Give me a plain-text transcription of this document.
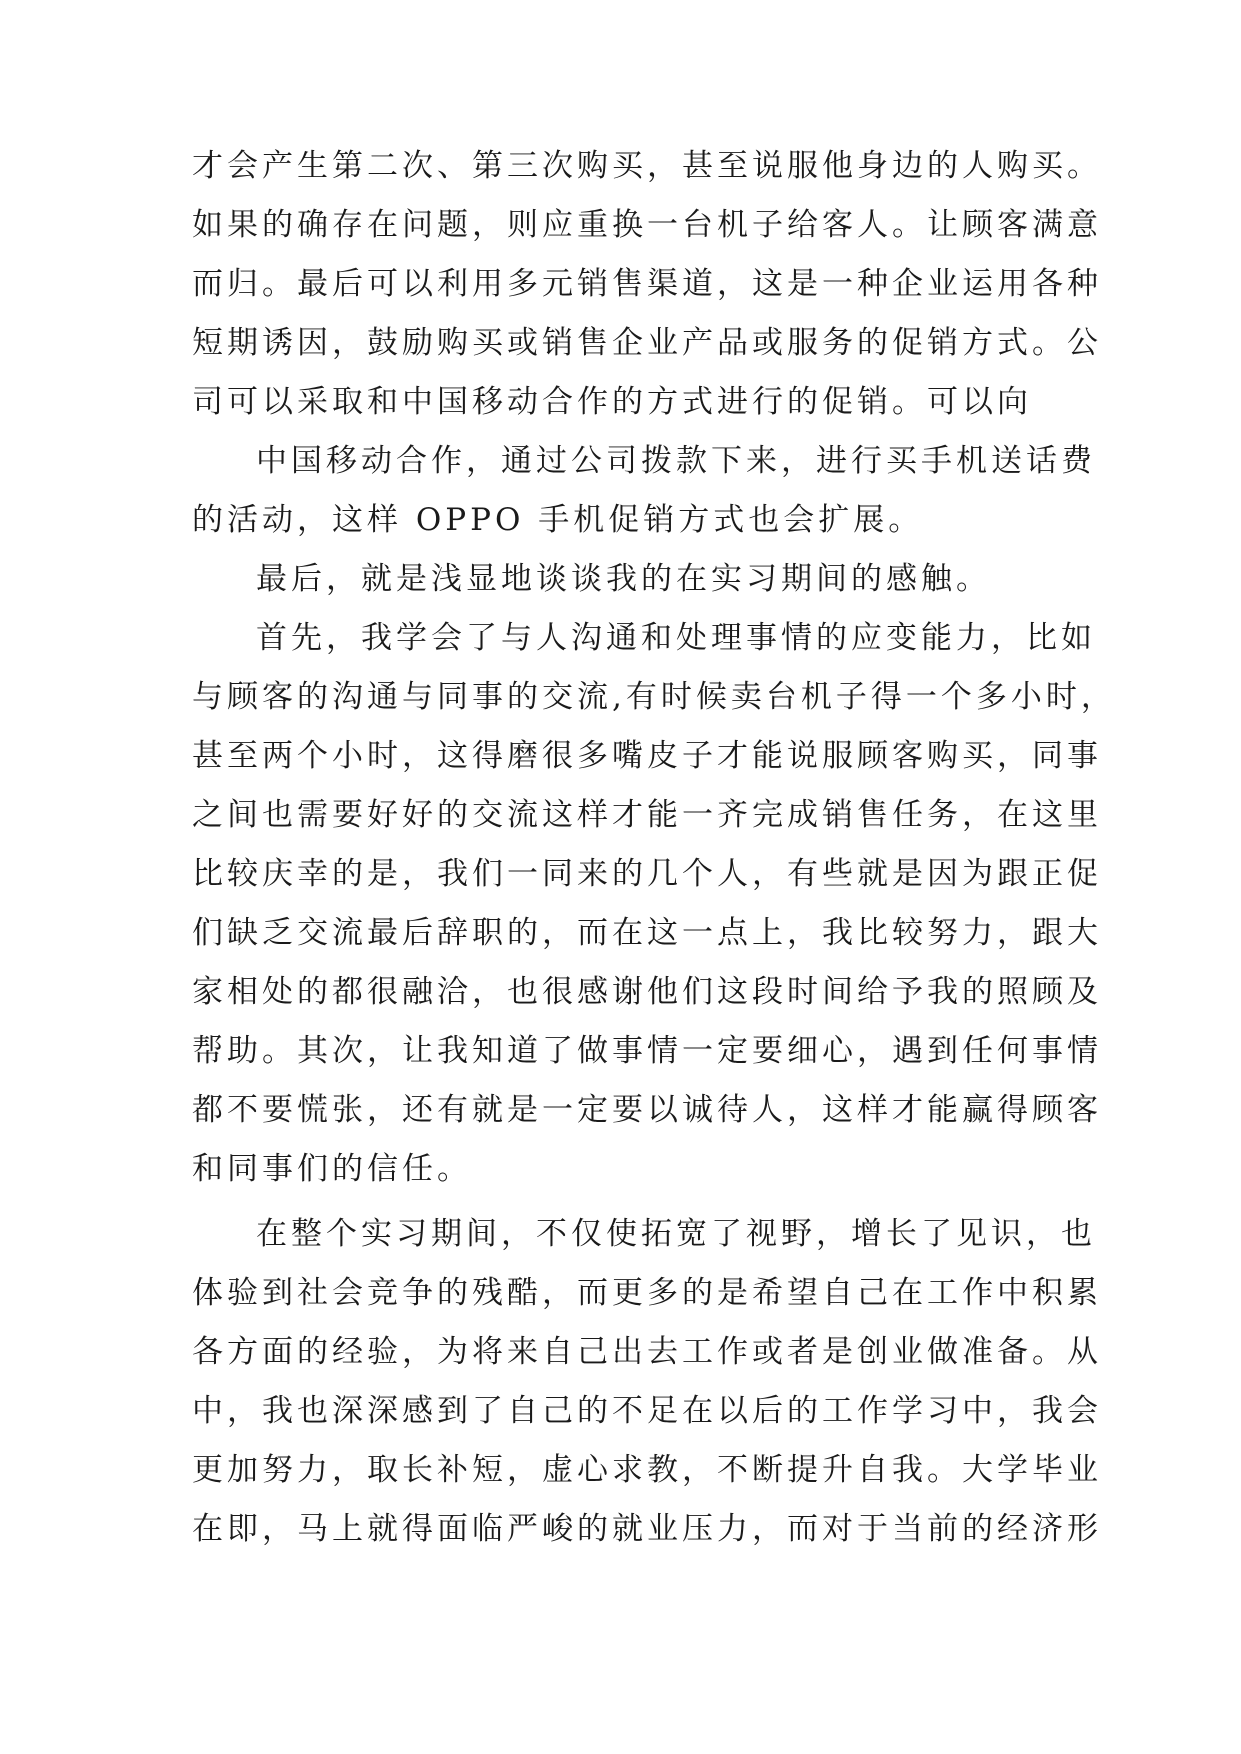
才会产生第二次、第三次购买，甚至说服他身边的人购买。
如果的确存在问题，则应重换一台机子给客人。让顾客满意
而归。最后可以利用多元销售渠道，这是一种企业运用各种
短期诱因，鼓励购买或销售企业产品或服务的促销方式。公
司可以采取和中国移动合作的方式进行的促销。可以向
中国移动合作，通过公司拨款下来，进行买手机送话费
的活动，这样 OPPO 手机促销方式也会扩展。
最后，就是浅显地谈谈我的在实习期间的感触。
首先，我学会了与人沟通和处理事情的应变能力，比如
与顾客的沟通与同事的交流,有时候卖台机子得一个多小时，
甚至两个小时，这得磨很多嘴皮子才能说服顾客购买，同事
之间也需要好好的交流这样才能一齐完成销售任务，在这里
比较庆幸的是，我们一同来的几个人，有些就是因为跟正促
们缺乏交流最后辞职的，而在这一点上，我比较努力，跟大
家相处的都很融洽，也很感谢他们这段时间给予我的照顾及
帮助。其次，让我知道了做事情一定要细心，遇到任何事情
都不要慌张，还有就是一定要以诚待人，这样才能赢得顾客
和同事们的信任。
在整个实习期间，不仅使拓宽了视野，增长了见识，也
体验到社会竞争的残酷，而更多的是希望自己在工作中积累
各方面的经验，为将来自己出去工作或者是创业做准备。从
中，我也深深感到了自己的不足在以后的工作学习中，我会
更加努力，取长补短，虚心求教，不断提升自我。大学毕业
在即，马上就得面临严峻的就业压力，而对于当前的经济形
